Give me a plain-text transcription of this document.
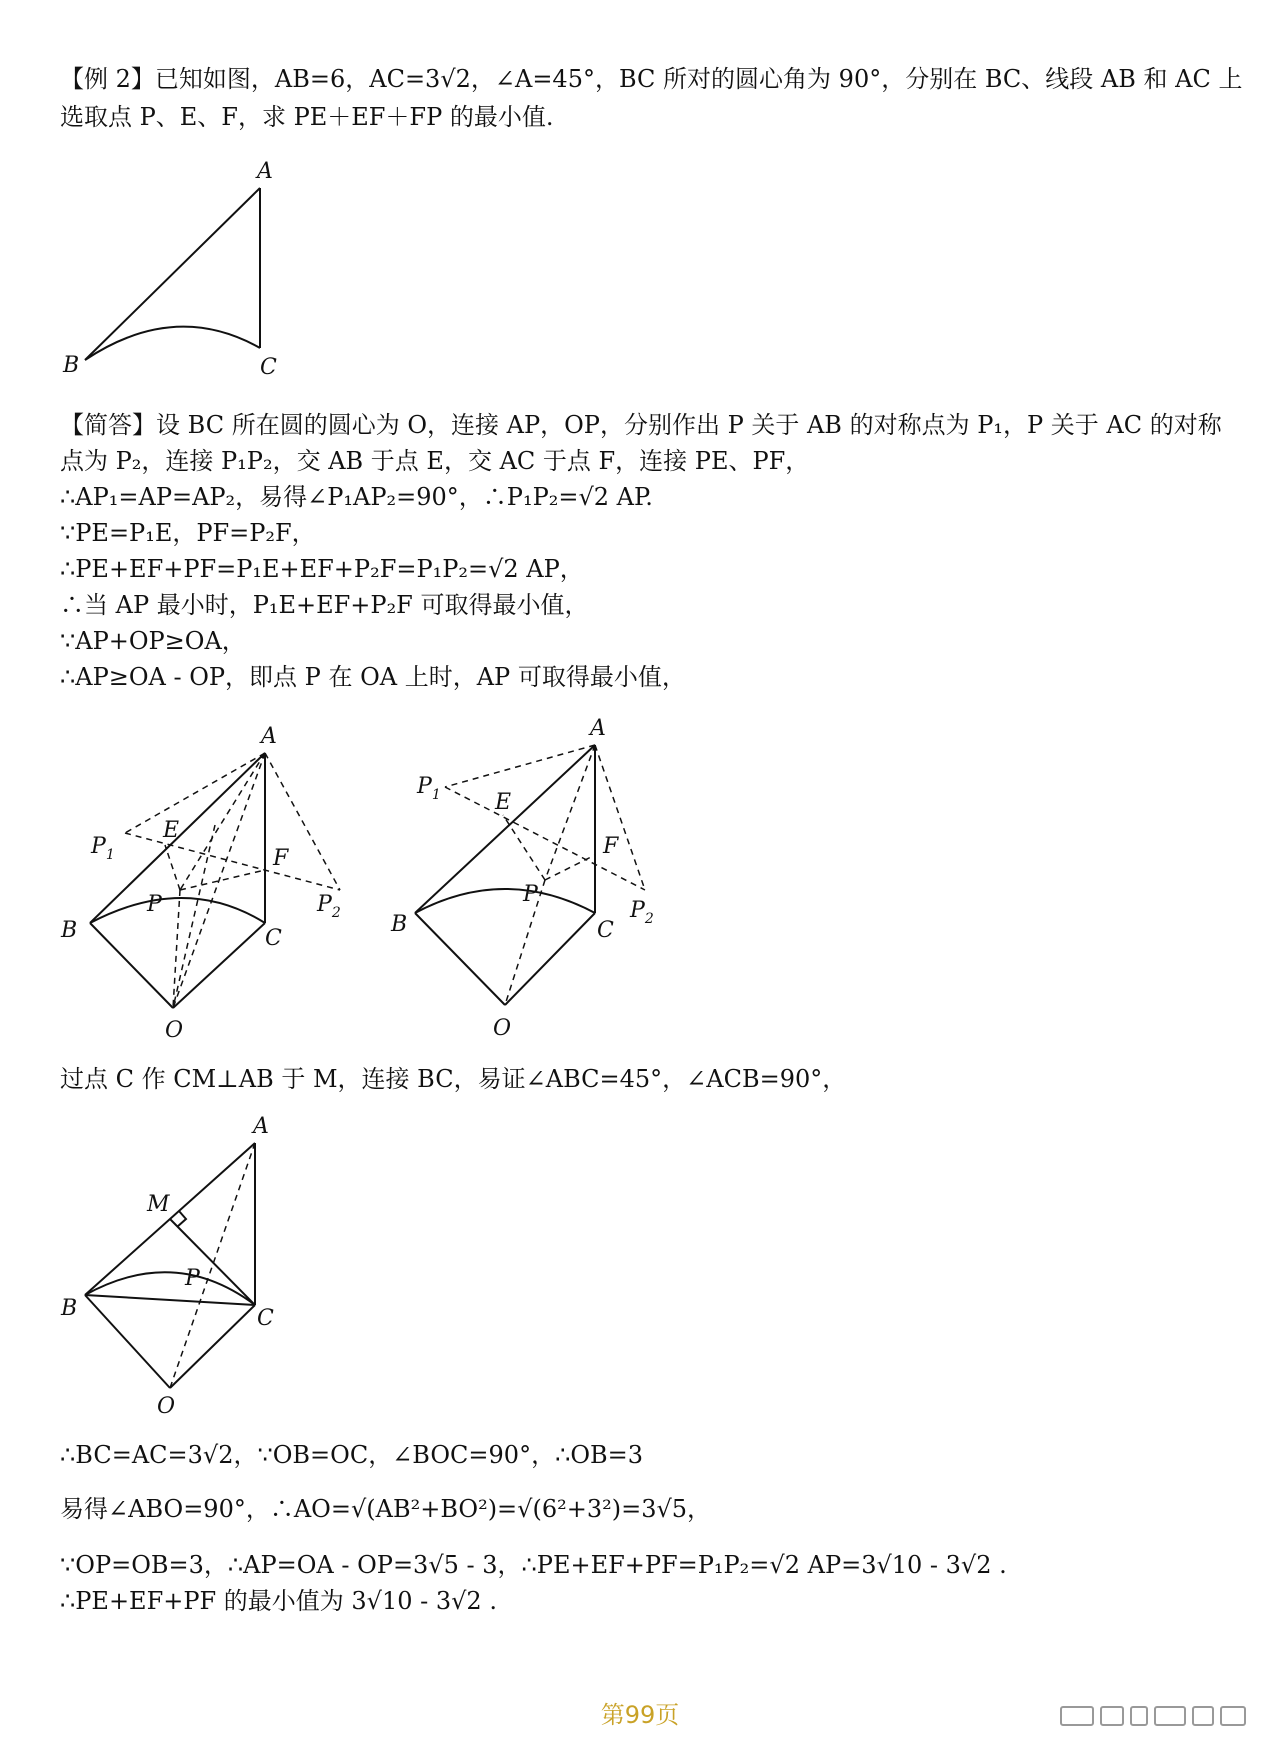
【例 2】已知如图，AB=6，AC=3√2，∠A=45°，BC 所对的圆心角为 90°，分别在 BC、线段 AB 和 AC 上
选取点 P、E、F，求 PE＋EF＋FP 的最小值.
A
B	C
【简答】设 BC 所在圆的圆心为 O，连接 AP，OP，分别作出 P 关于 AB 的对称点为 P₁，P 关于 AC 的对称
点为 P₂，连接 P₁P₂，交 AB 于点 E，交 AC 于点 F，连接 PE、PF，
∴AP₁=AP=AP₂，易得∠P₁AP₂=90°，∴P₁P₂=√2 AP.
∵PE=P₁E，PF=P₂F，
∴PE+EF+PF=P₁E+EF+P₂F=P₁P₂=√2 AP，
∴当 AP 最小时，P₁E+EF+P₂F 可取得最小值，
∵AP+OP≥OA，
∴AP≥OA - OP，即点 P 在 OA 上时，AP 可取得最小值，
A
E
F
$P_1$
$P_2$
P
B	C
O
A
E
F
$P_1$
$P_2$
P
B	C
O
过点 C 作 CM⊥AB 于 M，连接 BC，易证∠ABC=45°，∠ACB=90°，
A
M
P
B	C
O
∴BC=AC=3√2，∵OB=OC，∠BOC=90°，∴OB=3
易得∠ABO=90°，∴AO=√(AB²+BO²)=√(6²+3²)=3√5，
∵OP=OB=3，∴AP=OA - OP=3√5 - 3，∴PE+EF+PF=P₁P₂=√2 AP=3√10 - 3√2 .
∴PE+EF+PF 的最小值为 3√10 - 3√2 .
第99页
